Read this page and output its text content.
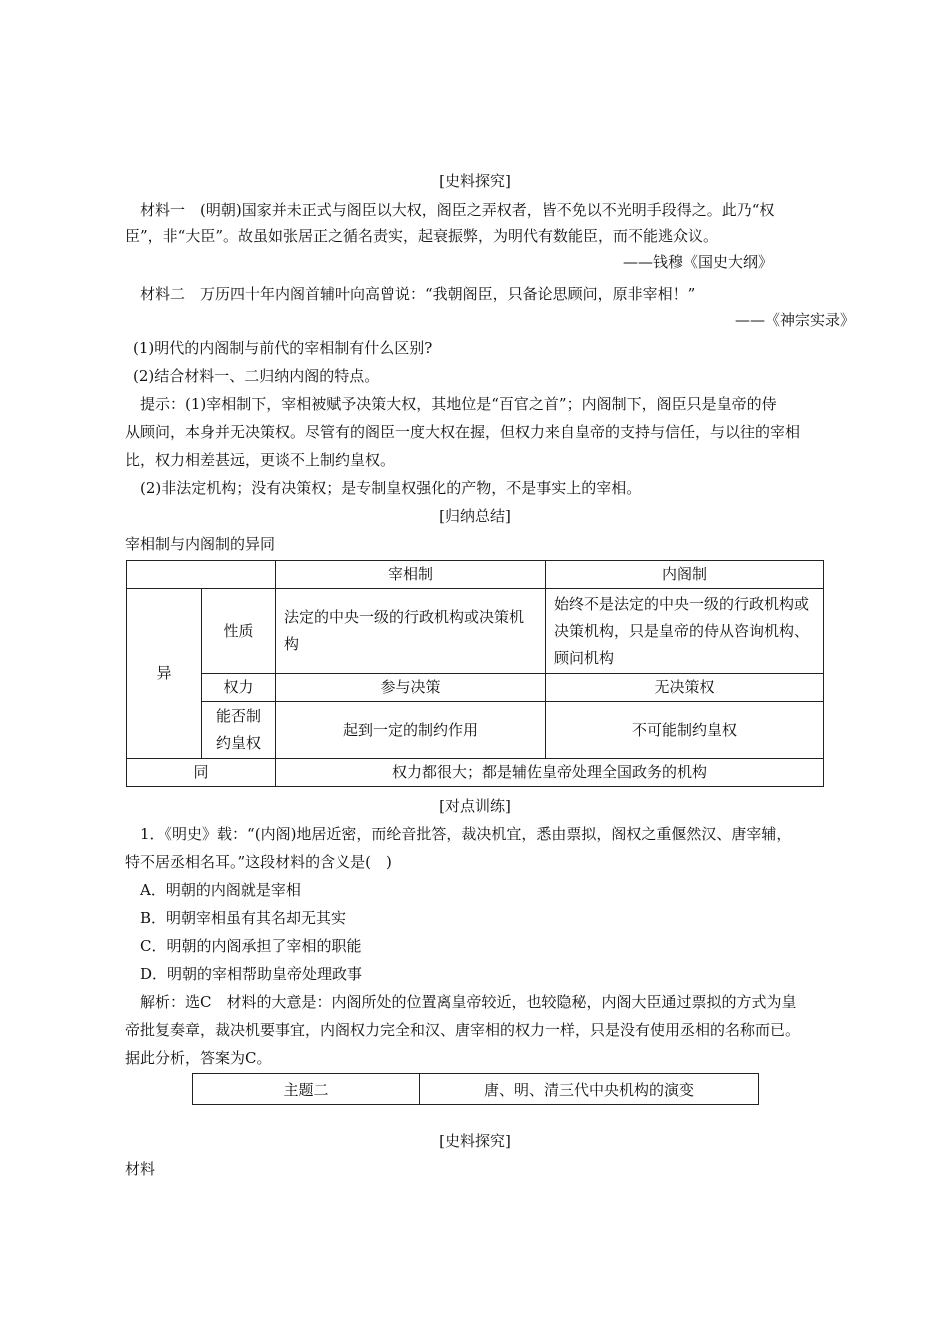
[史料探究]
材料一　(明朝)国家并未正式与阁臣以大权，阁臣之弄权者，皆不免以不光明手段得之。此乃“权
臣”，非“大臣”。故虽如张居正之循名责实，起衰振弊，为明代有数能臣，而不能逃众议。
——钱穆《国史大纲》
材料二　万历四十年内阁首辅叶向高曾说：“我朝阁臣，只备论思顾问，原非宰相！”
——《神宗实录》
(1)明代的内阁制与前代的宰相制有什么区别?
(2)结合材料一、二归纳内阁的特点。
提示：(1)宰相制下，宰相被赋予决策大权，其地位是“百官之首”；内阁制下，阁臣只是皇帝的侍
从顾问，本身并无决策权。尽管有的阁臣一度大权在握，但权力来自皇帝的支持与信任，与以往的宰相
比，权力相差甚远，更谈不上制约皇权。
(2)非法定机构；没有决策权；是专制皇权强化的产物，不是事实上的宰相。
[归纳总结]
宰相制与内阁制的异同
		宰相制	内阁制
异	性质	法定的中央一级的行政机构或决策机构	始终不是法定的中央一级的行政机构或决策机构，只是皇帝的侍从咨询机构、顾问机构
	权力	参与决策	无决策权
	能否制约皇权	起到一定的制约作用	不可能制约皇权
同		权力都很大；都是辅佐皇帝处理全国政务的机构	
[对点训练]
1．《明史》载：“(内阁)地居近密，而纶音批答，裁决机宜，悉由票拟，阁权之重偃然汉、唐宰辅，
特不居丞相名耳。”这段材料的含义是(　)
A．明朝的内阁就是宰相
B．明朝宰相虽有其名却无其实
C．明朝的内阁承担了宰相的职能
D．明朝的宰相帮助皇帝处理政事
解析：选C　材料的大意是：内阁所处的位置离皇帝较近，也较隐秘，内阁大臣通过票拟的方式为皇
帝批复奏章，裁决机要事宜，内阁权力完全和汉、唐宰相的权力一样，只是没有使用丞相的名称而已。
据此分析，答案为C。
主题二	唐、明、清三代中央机构的演变
[史料探究]
材料
